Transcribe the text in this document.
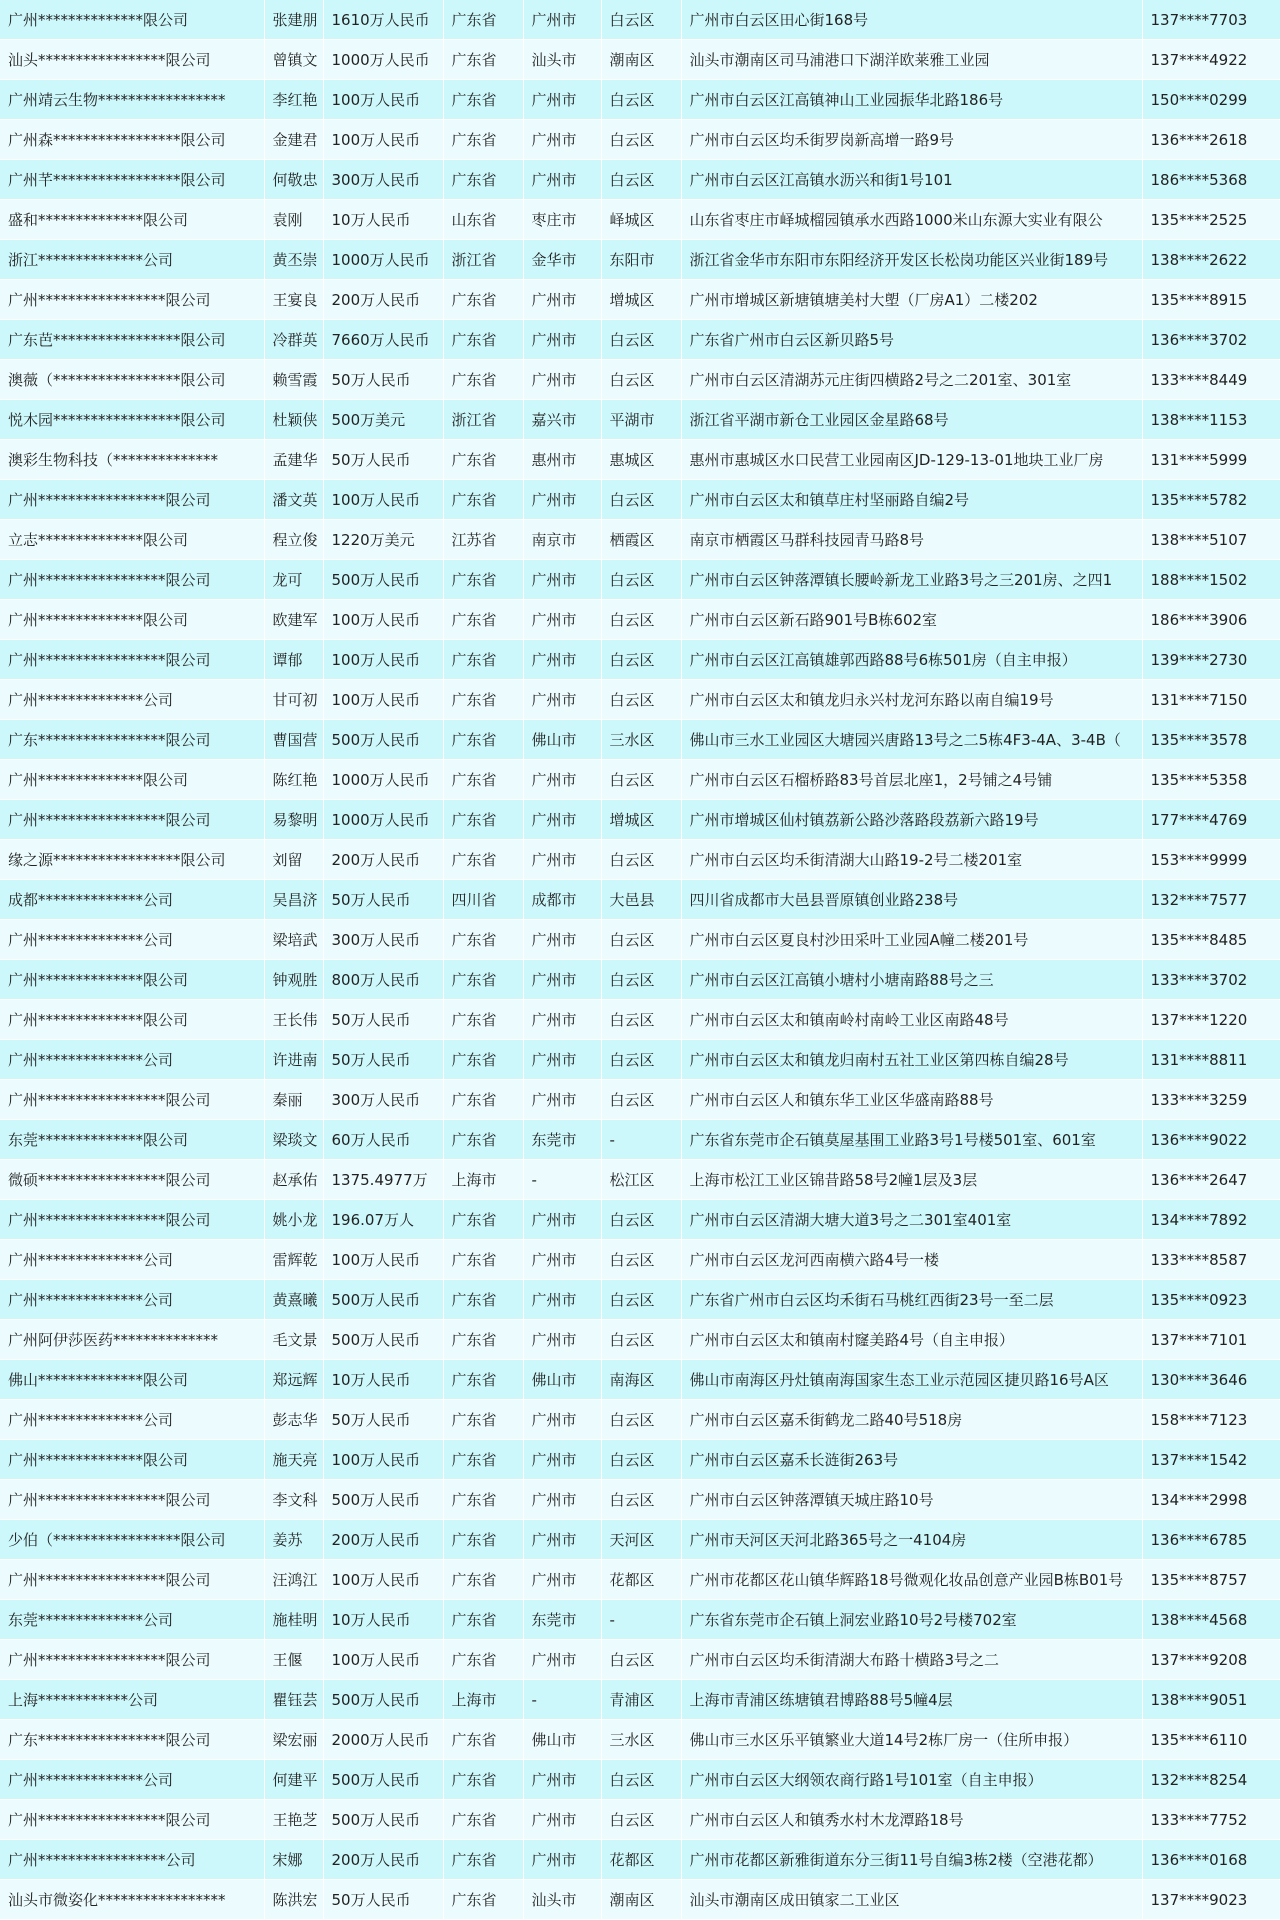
广州**************限公司	张建朋	1610万人民币	广东省	广州市	白云区	广州市白云区田心街168号	137****7703
汕头*****************限公司	曾镇文	1000万人民币	广东省	汕头市	潮南区	汕头市潮南区司马浦港口下湖洋欧莱雅工业园	137****4922
广州靖云生物*****************	李红艳	100万人民币	广东省	广州市	白云区	广州市白云区江高镇神山工业园振华北路186号	150****0299
广州森*****************限公司	金建君	100万人民币	广东省	广州市	白云区	广州市白云区均禾街罗岗新高增一路9号	136****2618
广州芊*****************限公司	何敬忠	300万人民币	广东省	广州市	白云区	广州市白云区江高镇水沥兴和街1号101	186****5368
盛和**************限公司	袁刚	10万人民币	山东省	枣庄市	峄城区	山东省枣庄市峄城榴园镇承水西路1000米山东源大实业有限公	135****2525
浙江**************公司	黄丕崇	1000万人民币	浙江省	金华市	东阳市	浙江省金华市东阳市东阳经济开发区长松岗功能区兴业街189号	138****2622
广州*****************限公司	王宴良	200万人民币	广东省	广州市	增城区	广州市增城区新塘镇塘美村大塱（厂房A1）二楼202	135****8915
广东芭*****************限公司	冷群英	7660万人民币	广东省	广州市	白云区	广东省广州市白云区新贝路5号	136****3702
澳薇（*****************限公司	赖雪霞	50万人民币	广东省	广州市	白云区	广州市白云区清湖苏元庄街四横路2号之二201室、301室	133****8449
悦木园*****************限公司	杜颖侠	500万美元	浙江省	嘉兴市	平湖市	浙江省平湖市新仓工业园区金星路68号	138****1153
澳彩生物科技（**************	孟建华	50万人民币	广东省	惠州市	惠城区	惠州市惠城区水口民营工业园南区JD-129-13-01地块工业厂房	131****5999
广州*****************限公司	潘文英	100万人民币	广东省	广州市	白云区	广州市白云区太和镇草庄村坚丽路自编2号	135****5782
立志**************限公司	程立俊	1220万美元	江苏省	南京市	栖霞区	南京市栖霞区马群科技园青马路8号	138****5107
广州*****************限公司	龙可	500万人民币	广东省	广州市	白云区	广州市白云区钟落潭镇长腰岭新龙工业路3号之三201房、之四1	188****1502
广州**************限公司	欧建军	100万人民币	广东省	广州市	白云区	广州市白云区新石路901号B栋602室	186****3906
广州*****************限公司	谭郁	100万人民币	广东省	广州市	白云区	广州市白云区江高镇雄郭西路88号6栋501房（自主申报）	139****2730
广州**************公司	甘可初	100万人民币	广东省	广州市	白云区	广州市白云区太和镇龙归永兴村龙河东路以南自编19号	131****7150
广东*****************限公司	曹国营	500万人民币	广东省	佛山市	三水区	佛山市三水工业园区大塘园兴唐路13号之二5栋4F3-4A、3-4B（	135****3578
广州**************限公司	陈红艳	1000万人民币	广东省	广州市	白云区	广州市白云区石榴桥路83号首层北座1，2号铺之4号铺	135****5358
广州*****************限公司	易黎明	1000万人民币	广东省	广州市	增城区	广州市增城区仙村镇荔新公路沙落路段荔新六路19号	177****4769
缘之源*****************限公司	刘留	200万人民币	广东省	广州市	白云区	广州市白云区均禾街清湖大山路19-2号二楼201室	153****9999
成都**************公司	吴昌济	50万人民币	四川省	成都市	大邑县	四川省成都市大邑县晋原镇创业路238号	132****7577
广州**************公司	梁培武	300万人民币	广东省	广州市	白云区	广州市白云区夏良村沙田采叶工业园A幢二楼201号	135****8485
广州**************限公司	钟观胜	800万人民币	广东省	广州市	白云区	广州市白云区江高镇小塘村小塘南路88号之三	133****3702
广州**************限公司	王长伟	50万人民币	广东省	广州市	白云区	广州市白云区太和镇南岭村南岭工业区南路48号	137****1220
广州**************公司	许进南	50万人民币	广东省	广州市	白云区	广州市白云区太和镇龙归南村五社工业区第四栋自编28号	131****8811
广州*****************限公司	秦丽	300万人民币	广东省	广州市	白云区	广州市白云区人和镇东华工业区华盛南路88号	133****3259
东莞**************限公司	梁琰文	60万人民币	广东省	东莞市	-	广东省东莞市企石镇莫屋基围工业路3号1号楼501室、601室	136****9022
微硕*****************限公司	赵承佑	1375.4977万	上海市	-	松江区	上海市松江工业区锦昔路58号2幢1层及3层	136****2647
广州*****************限公司	姚小龙	196.07万人	广东省	广州市	白云区	广州市白云区清湖大塘大道3号之二301室401室	134****7892
广州**************公司	雷辉乾	100万人民币	广东省	广州市	白云区	广州市白云区龙河西南横六路4号一楼	133****8587
广州**************公司	黄熹曦	500万人民币	广东省	广州市	白云区	广东省广州市白云区均禾街石马桃红西街23号一至二层	135****0923
广州阿伊莎医药**************	毛文景	500万人民币	广东省	广州市	白云区	广州市白云区太和镇南村窿美路4号（自主申报）	137****7101
佛山**************限公司	郑远辉	10万人民币	广东省	佛山市	南海区	佛山市南海区丹灶镇南海国家生态工业示范园区捷贝路16号A区	130****3646
广州**************公司	彭志华	50万人民币	广东省	广州市	白云区	广州市白云区嘉禾街鹤龙二路40号518房	158****7123
广州**************限公司	施天亮	100万人民币	广东省	广州市	白云区	广州市白云区嘉禾长涟街263号	137****1542
广州*****************限公司	李文科	500万人民币	广东省	广州市	白云区	广州市白云区钟落潭镇天城庄路10号	134****2998
少伯（*****************限公司	姜苏	200万人民币	广东省	广州市	天河区	广州市天河区天河北路365号之一4104房	136****6785
广州*****************限公司	汪鸿江	100万人民币	广东省	广州市	花都区	广州市花都区花山镇华辉路18号微观化妆品创意产业园B栋B01号	135****8757
东莞**************公司	施桂明	10万人民币	广东省	东莞市	-	广东省东莞市企石镇上洞宏业路10号2号楼702室	138****4568
广州*****************限公司	王偃	100万人民币	广东省	广州市	白云区	广州市白云区均禾街清湖大布路十横路3号之二	137****9208
上海************公司	瞿钰芸	500万人民币	上海市	-	青浦区	上海市青浦区练塘镇君博路88号5幢4层	138****9051
广东*****************限公司	梁宏丽	2000万人民币	广东省	佛山市	三水区	佛山市三水区乐平镇繁业大道14号2栋厂房一（住所申报）	135****6110
广州**************公司	何建平	500万人民币	广东省	广州市	白云区	广州市白云区大纲领农商行路1号101室（自主申报）	132****8254
广州*****************限公司	王艳芝	500万人民币	广东省	广州市	白云区	广州市白云区人和镇秀水村木龙潭路18号	133****7752
广州*****************公司	宋娜	200万人民币	广东省	广州市	花都区	广州市花都区新雅街道东分三街11号自编3栋2楼（空港花都）	136****0168
汕头市微姿化*****************	陈洪宏	50万人民币	广东省	汕头市	潮南区	汕头市潮南区成田镇家二工业区	137****9023
